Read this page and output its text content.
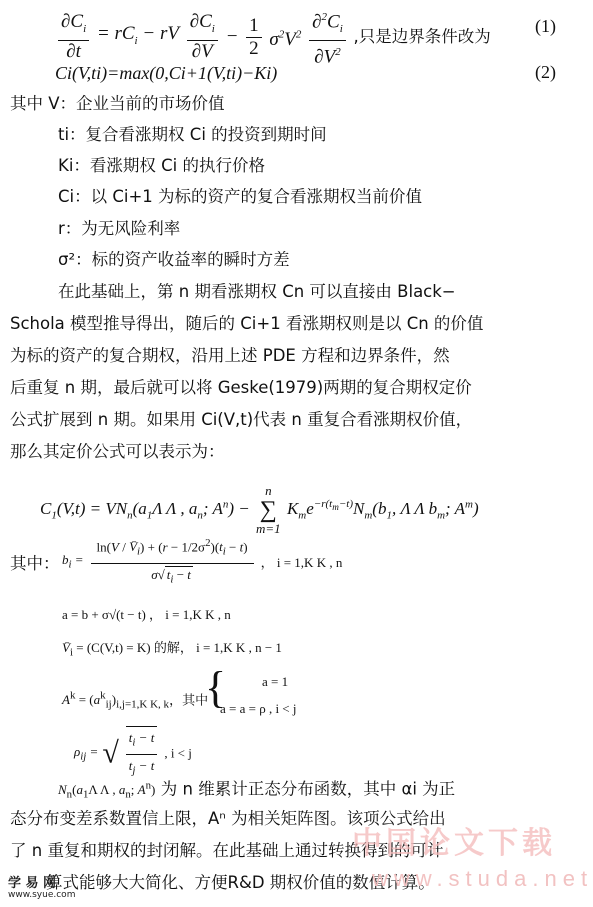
$\frac{\partial C_i}{\partial t} = rC_i$ − rV $\frac{\partial C_i}{\partial V} - \frac{1}{2} \sigma^2V^2 \frac{\partial^2C_i}{\partial V^2}$ ,只是边界条件改为
(1)
Ci(V,ti)=max(0,Ci+1(V,ti)−Ki)	(2)
其中 V：企业当前的市场价值
ti：复合看涨期权 Ci 的投资到期时间
Ki：看涨期权 Ci 的执行价格
Ci：以 Ci+1 为标的资产的复合看涨期权当前价值
r：为无风险利率
σ²：标的资产收益率的瞬时方差
在此基础上，第 n 期看涨期权 Cn 可以直接由 Black−
Schola 模型推导得出，随后的 Ci+1 看涨期权则是以 Cn 的价值
为标的资产的复合期权，沿用上述 PDE 方程和边界条件，然
后重复 n 期，最后就可以将 Geske(1979)两期的复合期权定价
公式扩展到 n 期。如果用 Ci(V,t)代表 n 重复合看涨期权价值，
那么其定价公式可以表示为：
$C_1(V,t) = VN_n(a_1\Lambda$ Λ , $a_n$; $A^n$) −
n
∑
m=1
$K_me^{-r(t_m-t)}N_m(b_1$, Λ Λ $b_m$; $A^m$)
其中： $b_i = \frac{\ln(V / V̄_i) + (r - 1/2\sigma^2)(t_i - t)}{\sigma√ t_i - t}$ ， i = 1,K K , n
a = b + σ√(t − t) ， i = 1,K K , n
$V̄_i = (C(V,t) = K)$ 的解， i = 1,K K , n − 1
$A^k = (a^k_{ij})_{i,j=1,K K, k}$，其中
{	a = 1
a = a = ρ , i < j
$\rho_{ij}$ = √ $\frac{t_i - t}{t_j - t}$ , i < j
$N_n(a_1\Lambda$ Λ , $a_n$; $A^n$) 为 n 维累计正态分布函数，其中 αi 为正
态分布变差系数置信上限，Aⁿ 为相关矩阵图。该项公式给出
了 n 重复和期权的封闭解。在此基础上通过转换得到的可计
算式能够大大简化、方便R&D 期权价值的数值计算。
中国论文下载
www.studa.net
学 易 网
www.syue.com
